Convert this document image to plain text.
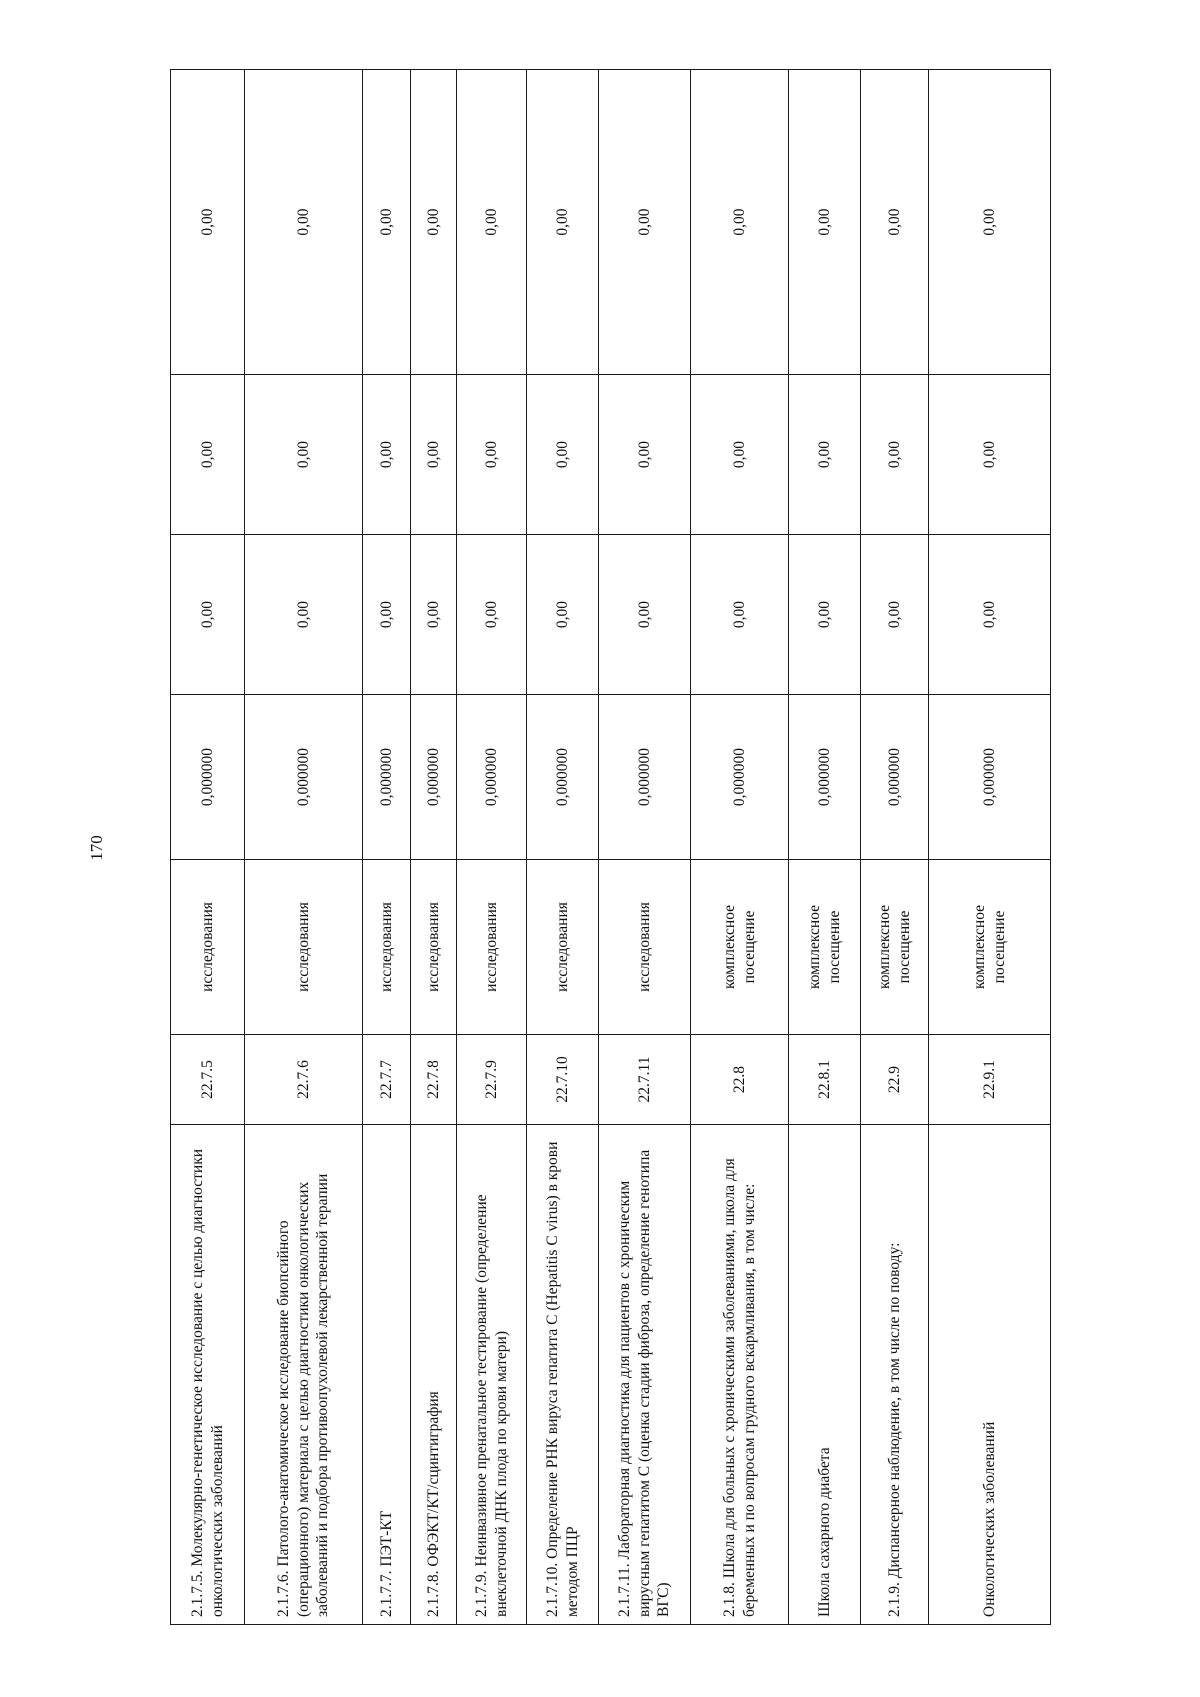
170
2.1.7.5. Молекулярно-генетическое исследование с целью диагностики онкологических заболеваний	22.7.5	исследования	0,000000	0,00	0,00	0,00
2.1.7.6. Патолого-анатомическое исследование биопсийного (операционного) материала с целью диагностики онкологических заболеваний и подбора противоопухолевой лекарственной терапии	22.7.6	исследования	0,000000	0,00	0,00	0,00
2.1.7.7. ПЭТ-КТ	22.7.7	исследования	0,000000	0,00	0,00	0,00
2.1.7.8. ОФЭКТ/КТ/сцинтиграфия	22.7.8	исследования	0,000000	0,00	0,00	0,00
2.1.7.9. Неинвазивное пренатальное тестирование (определение внеклеточной ДНК плода по крови матери)	22.7.9	исследования	0,000000	0,00	0,00	0,00
2.1.7.10. Определение РНК вируса гепатита С (Hepatitis C virus) в крови методом ПЦР	22.7.10	исследования	0,000000	0,00	0,00	0,00
2.1.7.11. Лабораторная диагностика для пациентов с хроническим вирусным гепатитом С (оценка стадии фиброза, определение генотипа ВГС)	22.7.11	исследования	0,000000	0,00	0,00	0,00
2.1.8. Школа для больных с хроническими заболеваниями, школа для беременных и по вопросам грудного вскармливания, в том числе:	22.8	комплексное посещение	0,000000	0,00	0,00	0,00
Школа сахарного диабета	22.8.1	комплексное посещение	0,000000	0,00	0,00	0,00
2.1.9. Диспансерное наблюдение, в том числе по поводу:	22.9	комплексное посещение	0,000000	0,00	0,00	0,00
Онкологических заболеваний	22.9.1	комплексное посещение	0,000000	0,00	0,00	0,00
